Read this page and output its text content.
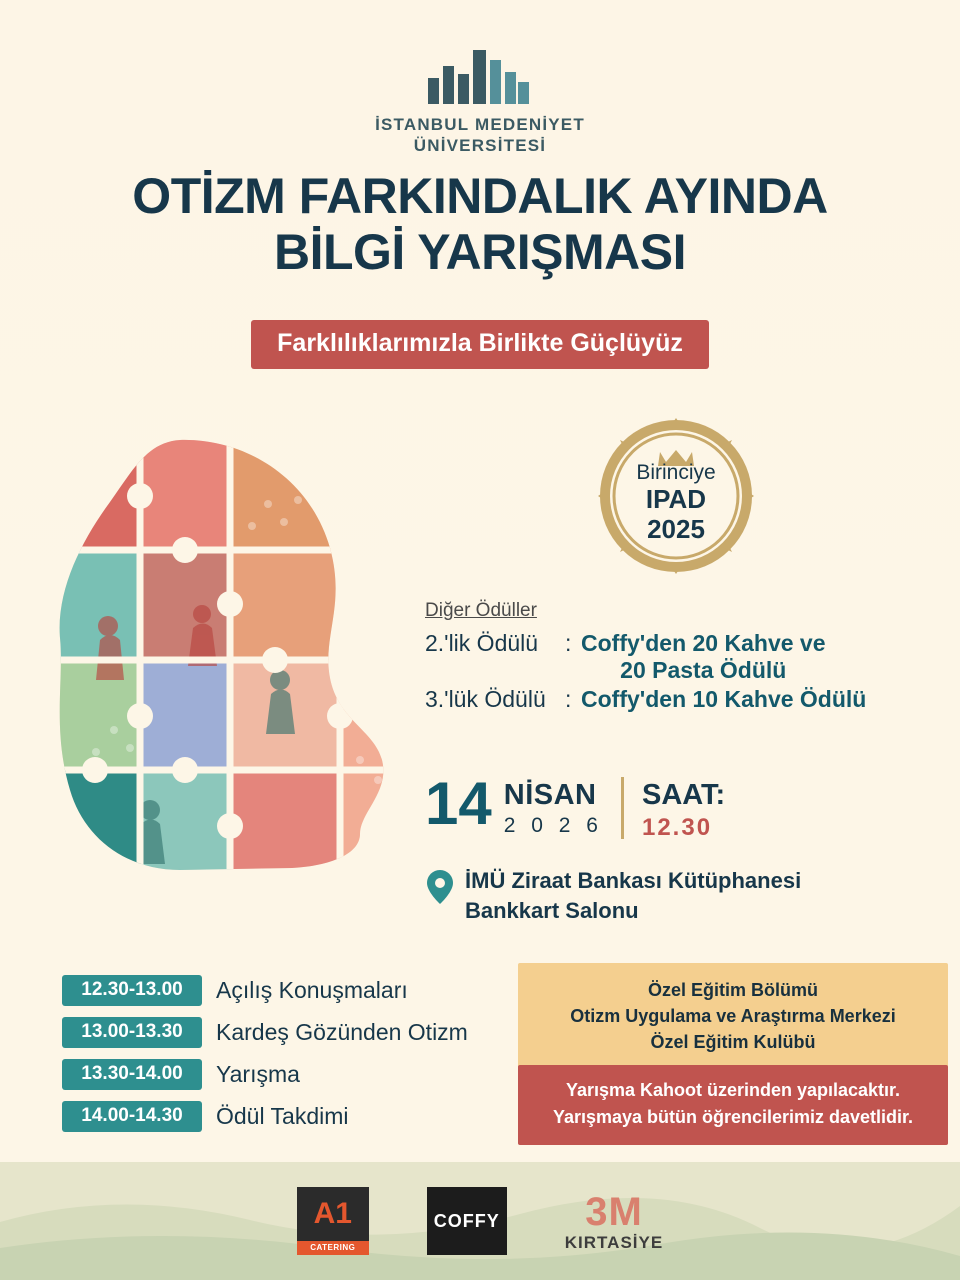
İSTANBUL MEDENİYET
ÜNİVERSİTESİ
OTİZM FARKINDALIK AYINDA
BİLGİ YARIŞMASI
Farklılıklarımızla Birlikte Güçlüyüz
Birinciye
IPAD
2025
Diğer Ödüller
2.'lik Ödülü	: Coffy'den 20 Kahve ve
20 Pasta Ödülü
3.'lük Ödülü : Coffy'den 10 Kahve Ödülü
14 NİSAN
2 0 2 6
SAAT:
12.30
İMÜ Ziraat Bankası Kütüphanesi
Bankkart Salonu
12.30-13.00	Açılış Konuşmaları
13.00-13.30	Kardeş Gözünden Otizm
13.30-14.00	Yarışma
14.00-14.30	Ödül Takdimi
Özel Eğitim Bölümü
Otizm Uygulama ve Araştırma Merkezi
Özel Eğitim Kulübü
Yarışma Kahoot üzerinden yapılacaktır.
Yarışmaya bütün öğrencilerimiz davetlidir.
A1
CATERING
COFFY	3M
KIRTASİYE
